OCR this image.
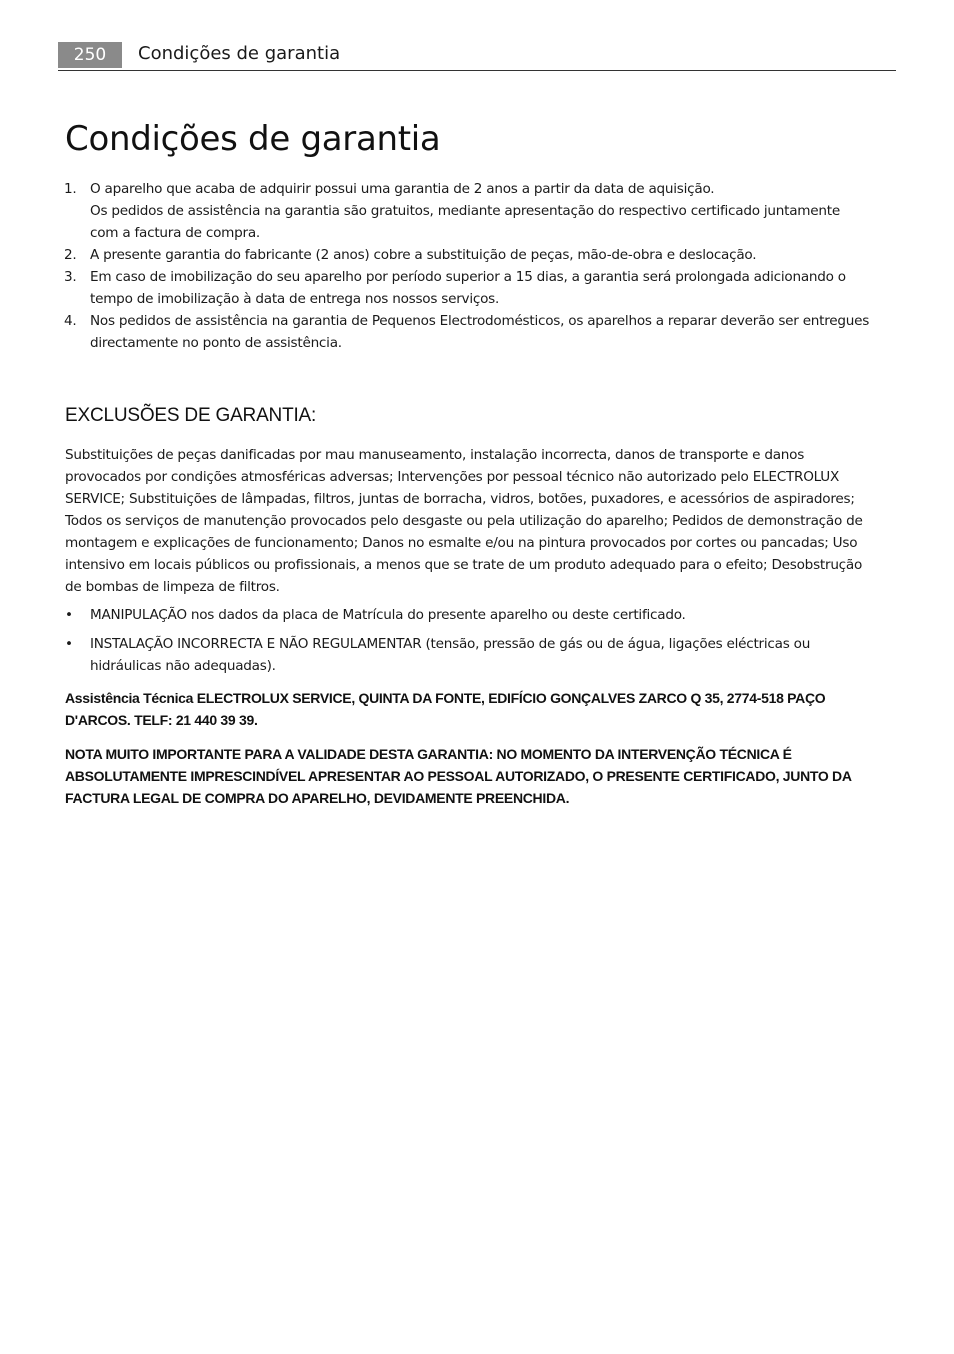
250	Condições de garantia
Condições de garantia
1. O aparelho que acaba de adquirir possui uma garantia de 2 anos a partir da data de aquisição.
Os pedidos de assistência na garantia são gratuitos, mediante apresentação do respectivo certificado juntamente
com a factura de compra.
2. A presente garantia do fabricante (2 anos) cobre a substituição de peças, mão-de-obra e deslocação.
3. Em caso de imobilização do seu aparelho por período superior a 15 dias, a garantia será prolongada adicionando o
tempo de imobilização à data de entrega nos nossos serviços.
4. Nos pedidos de assistência na garantia de Pequenos Electrodomésticos, os aparelhos a reparar deverão ser entregues
directamente no ponto de assistência.
EXCLUSÕES DE GARANTIA:
Substituições de peças danificadas por mau manuseamento, instalação incorrecta, danos de transporte e danos
provocados por condições atmosféricas adversas; Intervenções por pessoal técnico não autorizado pelo ELECTROLUX
SERVICE; Substituições de lâmpadas, filtros, juntas de borracha, vidros, botões, puxadores, e acessórios de aspiradores;
Todos os serviços de manutenção provocados pelo desgaste ou pela utilização do aparelho; Pedidos de demonstração de
montagem e explicações de funcionamento; Danos no esmalte e/ou na pintura provocados por cortes ou pancadas; Uso
intensivo em locais públicos ou profissionais, a menos que se trate de um produto adequado para o efeito; Desobstrução
de bombas de limpeza de filtros.
• MANIPULAÇÃO nos dados da placa de Matrícula do presente aparelho ou deste certificado.
• INSTALAÇÃO INCORRECTA E NÃO REGULAMENTAR (tensão, pressão de gás ou de água, ligações eléctricas ou
hidráulicas não adequadas).
Assistência Técnica ELECTROLUX SERVICE, QUINTA DA FONTE, EDIFÍCIO GONÇALVES ZARCO Q 35, 2774-518 PAÇO
D'ARCOS. TELF: 21 440 39 39.
NOTA MUITO IMPORTANTE PARA A VALIDADE DESTA GARANTIA: NO MOMENTO DA INTERVENÇÃO TÉCNICA É
ABSOLUTAMENTE IMPRESCINDÍVEL APRESENTAR AO PESSOAL AUTORIZADO, O PRESENTE CERTIFICADO, JUNTO DA
FACTURA LEGAL DE COMPRA DO APARELHO, DEVIDAMENTE PREENCHIDA.
